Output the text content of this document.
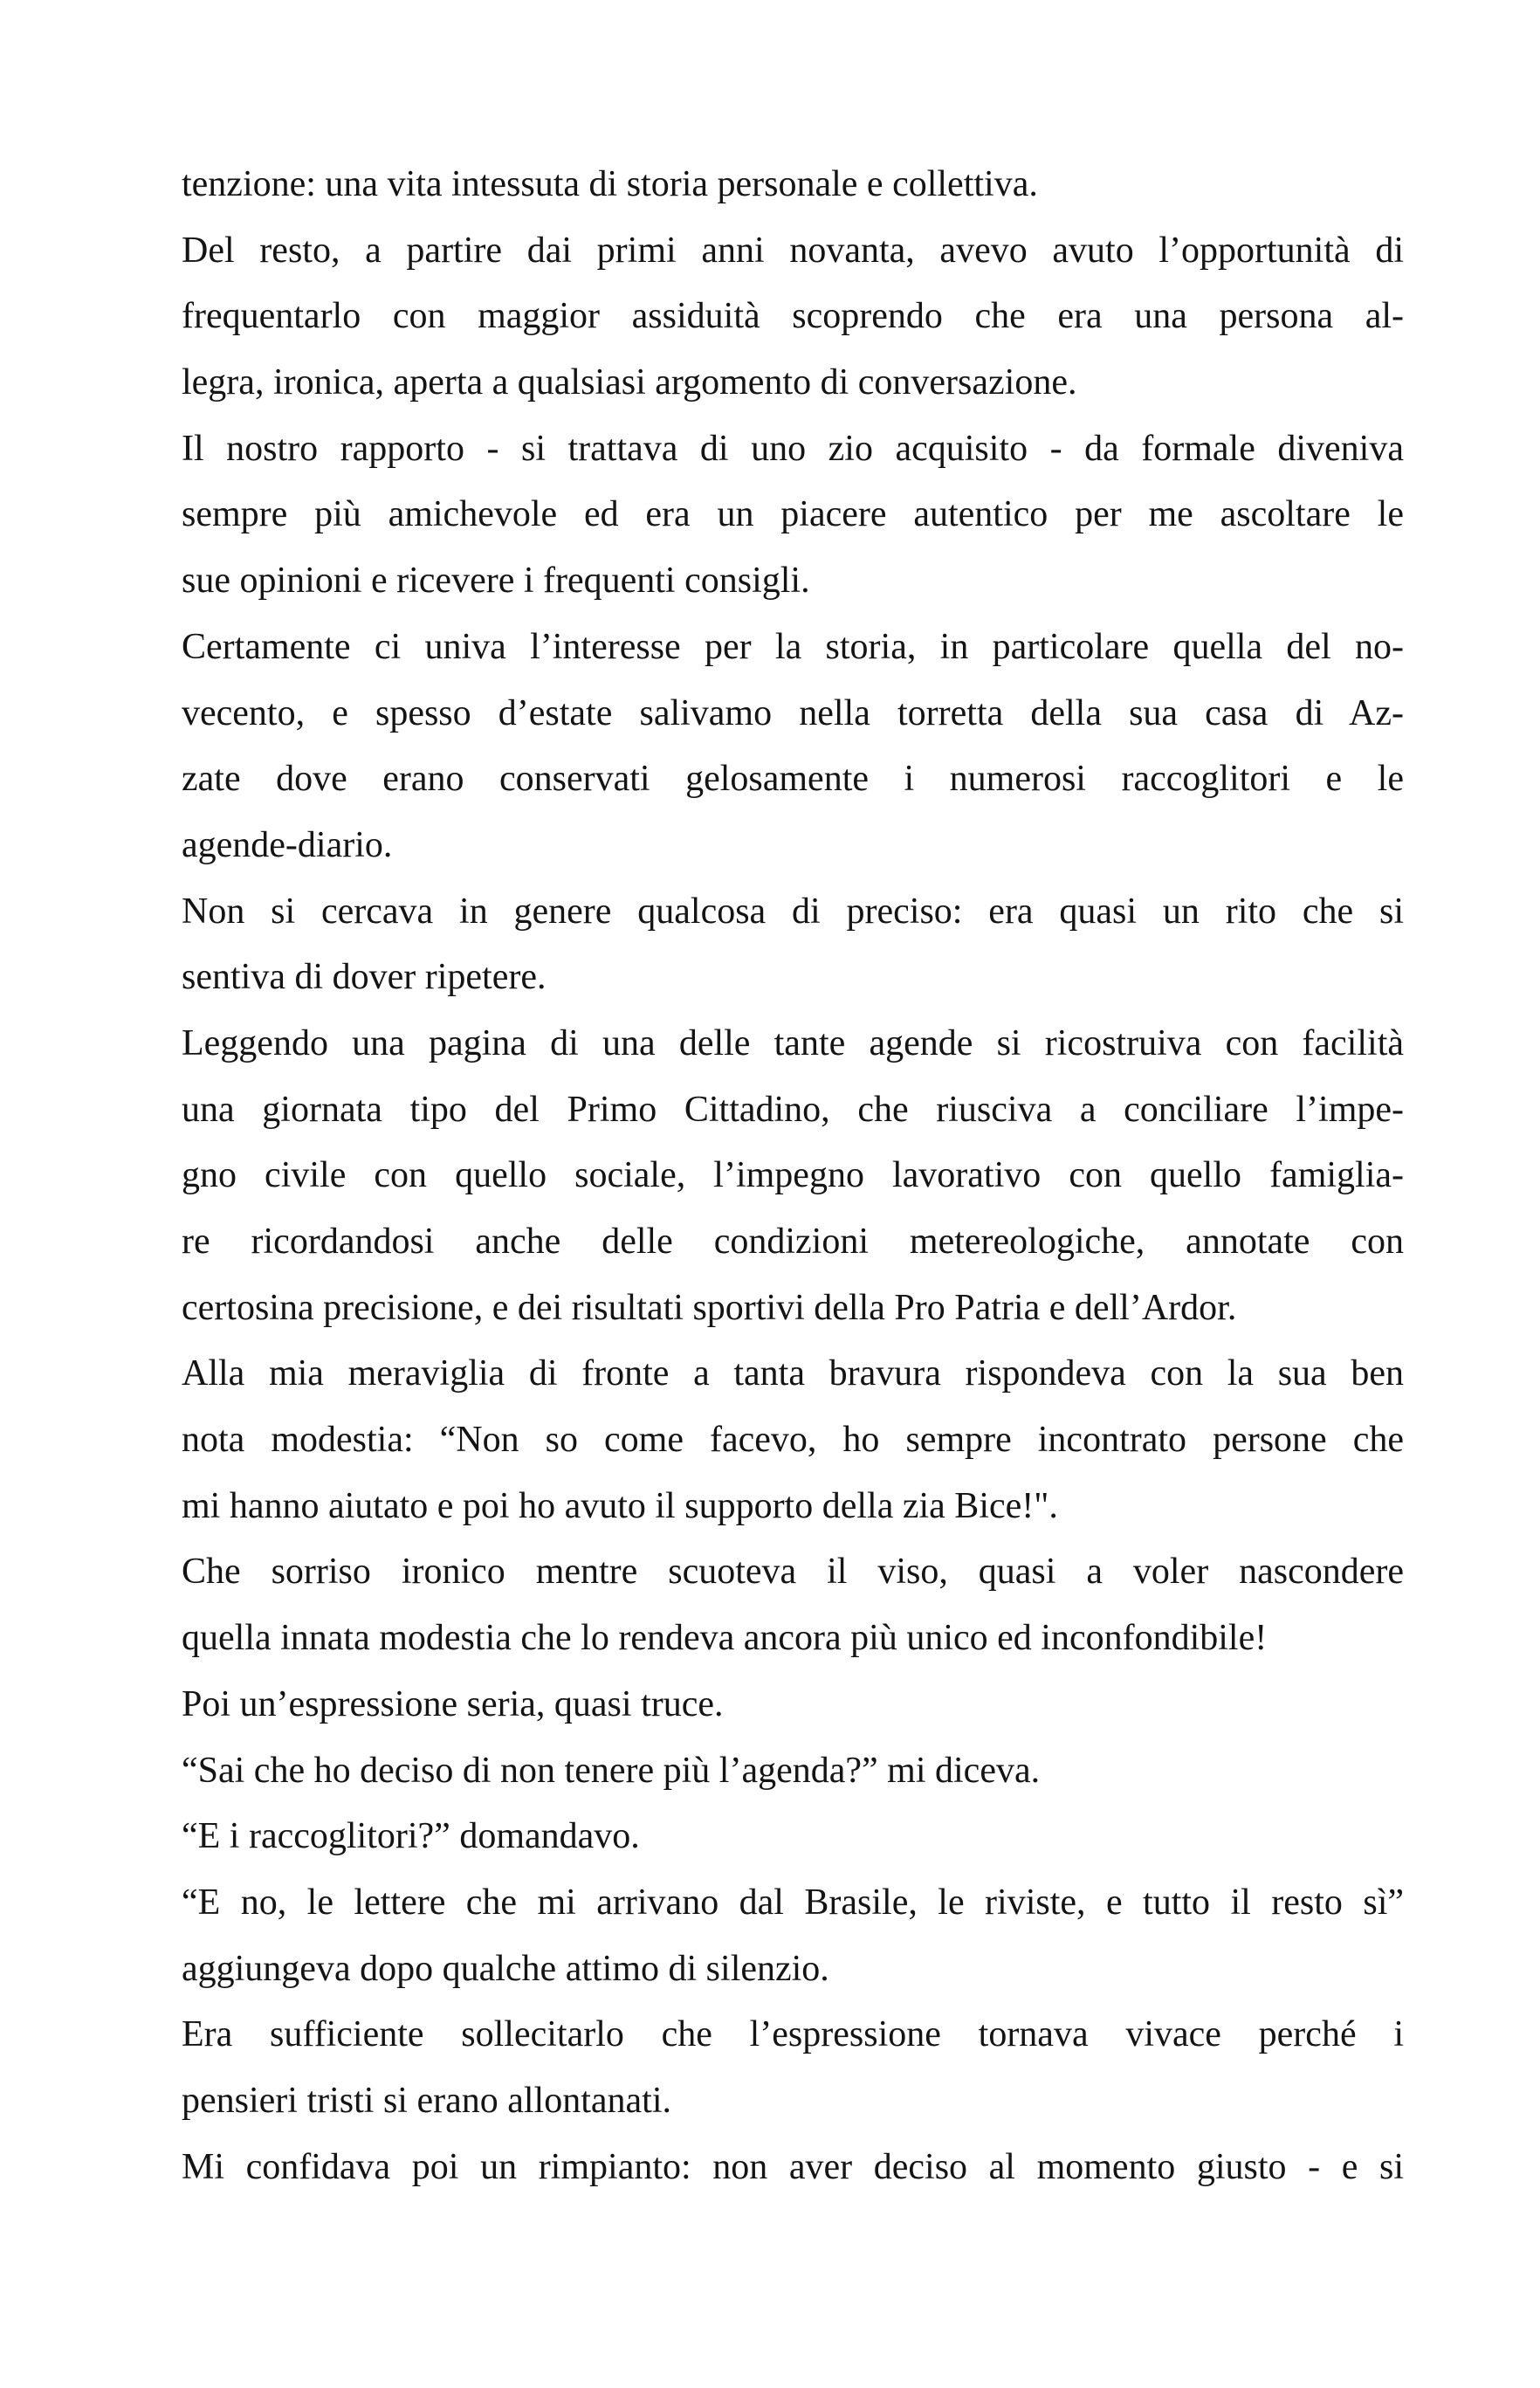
tenzione: una vita intessuta di storia personale e collettiva.
Del resto, a partire dai primi anni novanta, avevo avuto l’opportunità di
frequentarlo con maggior assiduità scoprendo che era una persona al-
legra, ironica, aperta a qualsiasi argomento di conversazione.
Il nostro rapporto - si trattava di uno zio acquisito - da formale diveniva
sempre più amichevole ed era un piacere autentico per me ascoltare le
sue opinioni e ricevere i frequenti consigli.
Certamente ci univa l’interesse per la storia, in particolare quella del no-
vecento, e spesso d’estate salivamo nella torretta della sua casa di Az-
zate dove erano conservati gelosamente i numerosi raccoglitori e le
agende-diario.
Non si cercava in genere qualcosa di preciso: era quasi un rito che si
sentiva di dover ripetere.
Leggendo una pagina di una delle tante agende si ricostruiva con facilità
una giornata tipo del Primo Cittadino, che riusciva a conciliare l’impe-
gno civile con quello sociale, l’impegno lavorativo con quello famiglia-
re ricordandosi anche delle condizioni metereologiche, annotate con
certosina precisione, e dei risultati sportivi della Pro Patria e dell’Ardor.
Alla mia meraviglia di fronte a tanta bravura rispondeva con la sua ben
nota modestia: “Non so come facevo, ho sempre incontrato persone che
mi hanno aiutato e poi ho avuto il supporto della zia Bice!".
Che sorriso ironico mentre scuoteva il viso, quasi a voler nascondere
quella innata modestia che lo rendeva ancora più unico ed inconfondibile!
Poi un’espressione seria, quasi truce.
“Sai che ho deciso di non tenere più l’agenda?” mi diceva.
“E i raccoglitori?” domandavo.
“E no, le lettere che mi arrivano dal Brasile, le riviste, e tutto il resto sì”
aggiungeva dopo qualche attimo di silenzio.
Era sufficiente sollecitarlo che l’espressione tornava vivace perché i
pensieri tristi si erano allontanati.
Mi confidava poi un rimpianto: non aver deciso al momento giusto - e si
